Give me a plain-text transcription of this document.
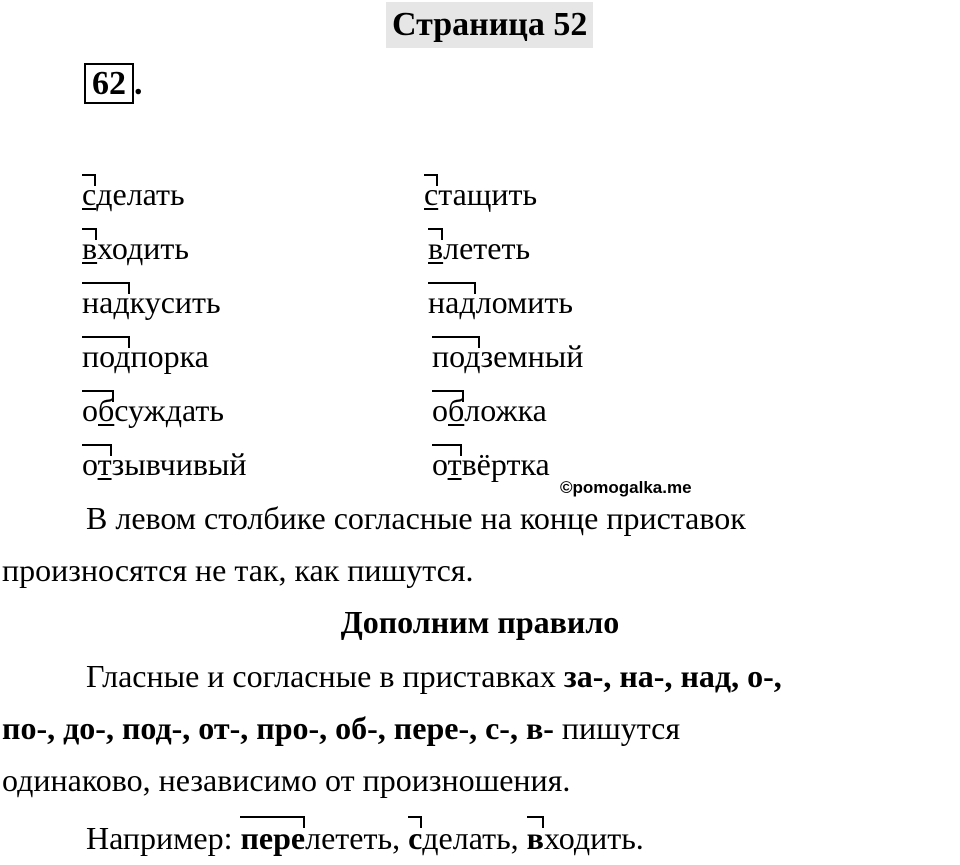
Страница 52
62 .
сделать
входить
надкусить
подпорка
обсуждать
отзывчивый
стащить
влететь
надломить
подземный
обложка
отвёртка
©pomogalka.me
В левом столбике согласные на конце приставок
произносятся не так, как пишутся.
Дополним правило
Гласные и согласные в приставках за-, на-, над, о-,
по-, до-, под-, от-, про-, об-, пере-, с-, в- пишутся
одинаково, независимо от произношения.
Например: перелететь, сделать, входить.
